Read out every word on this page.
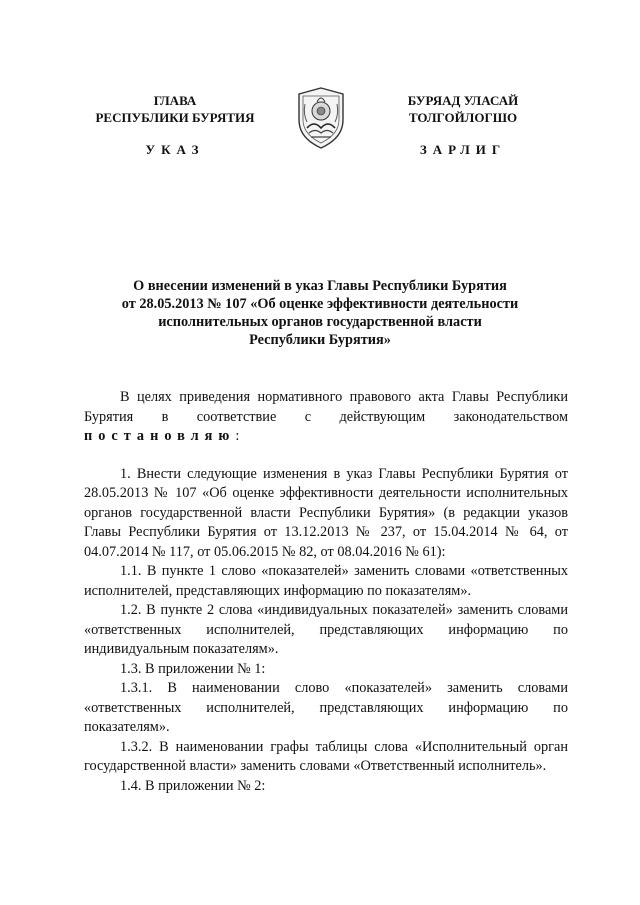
ГЛАВА
РЕСПУБЛИКИ БУРЯТИЯ
БУРЯАД УЛАСАЙ
ТОЛГОЙЛОГШО
УКАЗ	ЗАРЛИГ
О внесении изменений в указ Главы Республики Бурятия
от 28.05.2013 № 107 «Об оценке эффективности деятельности
исполнительных органов государственной власти
Республики Бурятия»

В целях приведения нормативного правового акта Главы Республики Бурятия в соответствие с действующим законодательством постановляю:

1. Внести следующие изменения в указ Главы Республики Бурятия от 28.05.2013 № 107 «Об оценке эффективности деятельности исполнительных органов государственной власти Республики Бурятия» (в редакции указов Главы Республики Бурятия от 13.12.2013 № 237, от 15.04.2014 № 64, от 04.07.2014 № 117, от 05.06.2015 № 82, от 08.04.2016 № 61):

1.1. В пункте 1 слово «показателей» заменить словами «ответственных исполнителей, представляющих информацию по показателям».

1.2. В пункте 2 слова «индивидуальных показателей» заменить словами «ответственных исполнителей, представляющих информацию по индивидуальным показателям».

1.3. В приложении № 1:

1.3.1. В наименовании слово «показателей» заменить словами «ответственных исполнителей, представляющих информацию по показателям».

1.3.2. В наименовании графы таблицы слова «Исполнительный орган государственной власти» заменить словами «Ответственный исполнитель».

1.4. В приложении № 2:
